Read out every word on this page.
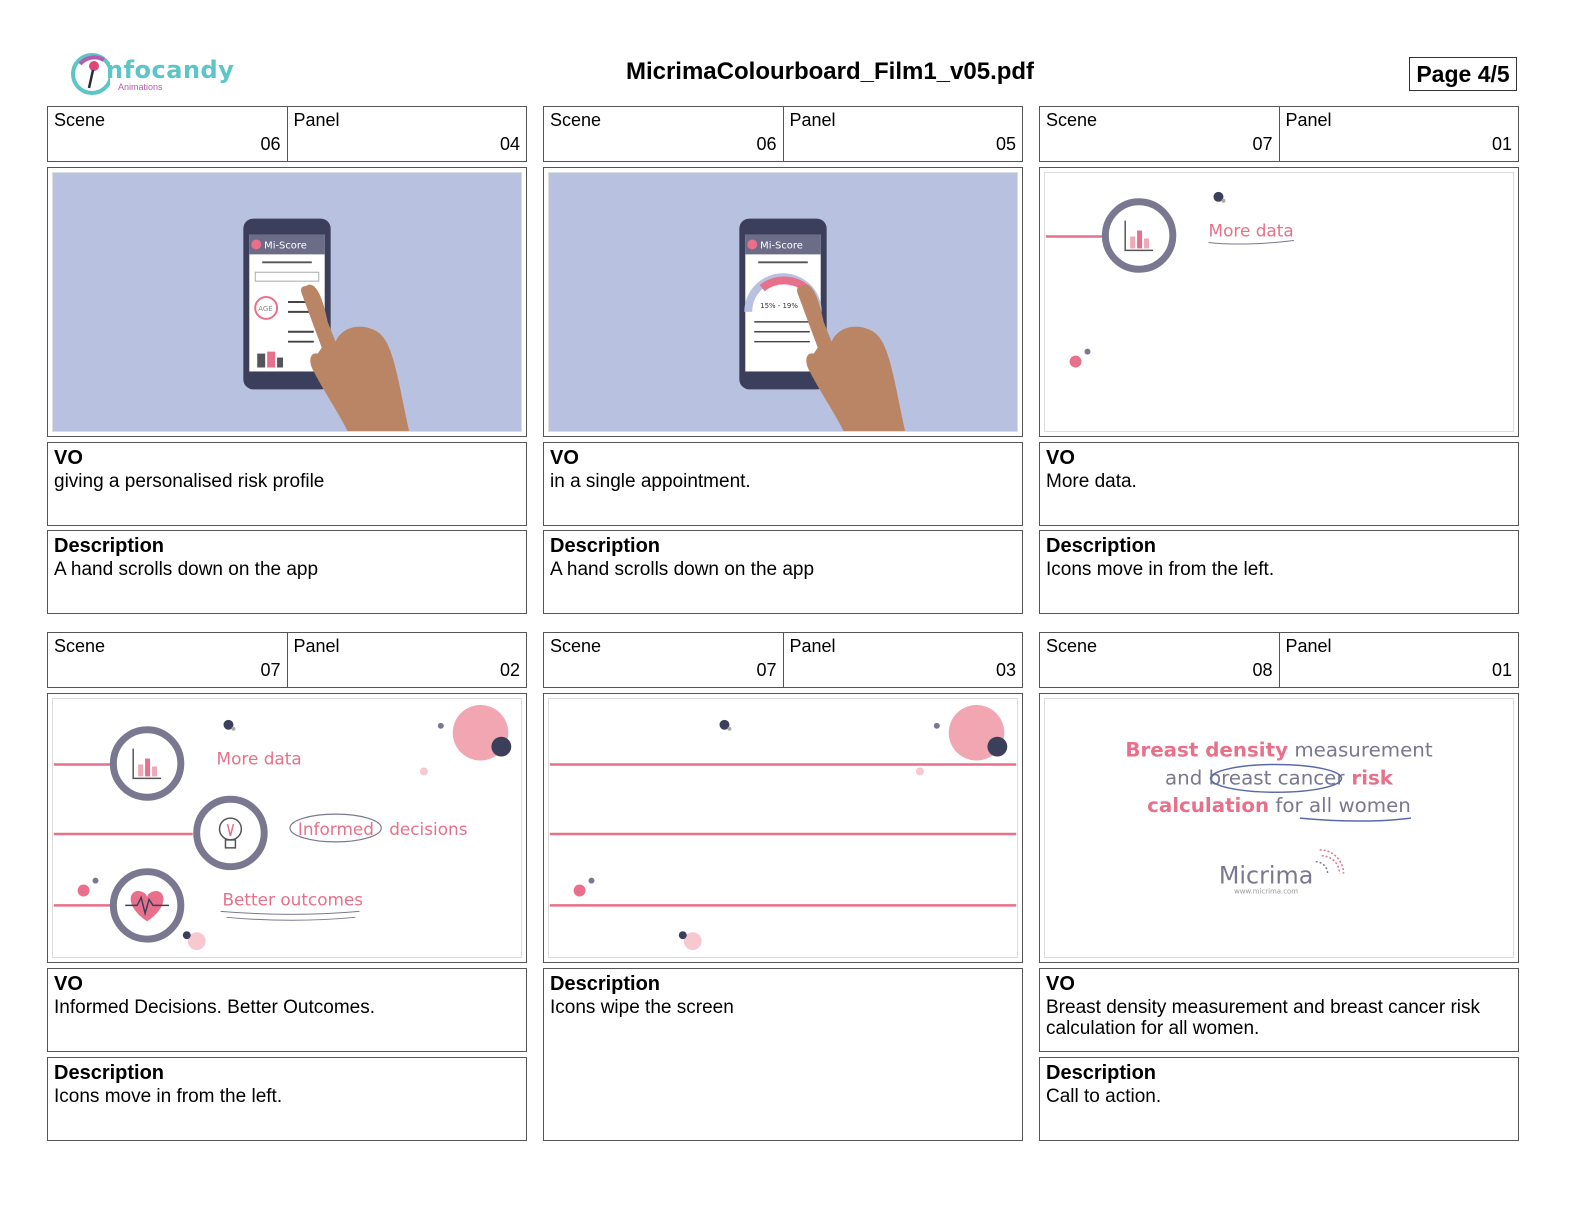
nfocandy
Animations
MicrimaColourboard_Film1_v05.pdf	Page 4/5
Scene
06
Panel
04
Mi-Score
AGE
VO
giving a personalised risk profile
Description
A hand scrolls down on the app
Scene
06
Panel
05
Mi-Score
15% - 19%
VO
in a single appointment.
Description
A hand scrolls down on the app
Scene
07
Panel
01
More data
VO
More data.
Description
Icons move in from the left.
Scene
07
Panel
02
More data
Informed decisions
Better outcomes
VO
Informed Decisions. Better Outcomes.
Description
Icons move in from the left.
Scene
07
Panel
03
Description
Icons wipe the screen
Scene
08
Panel
01
Breast density measurement
and breast cancer risk
calculation for all women
Micrima
www.micrima.com
VO
Breast density measurement and breast cancer risk calculation for all women.
Description
Call to action.
